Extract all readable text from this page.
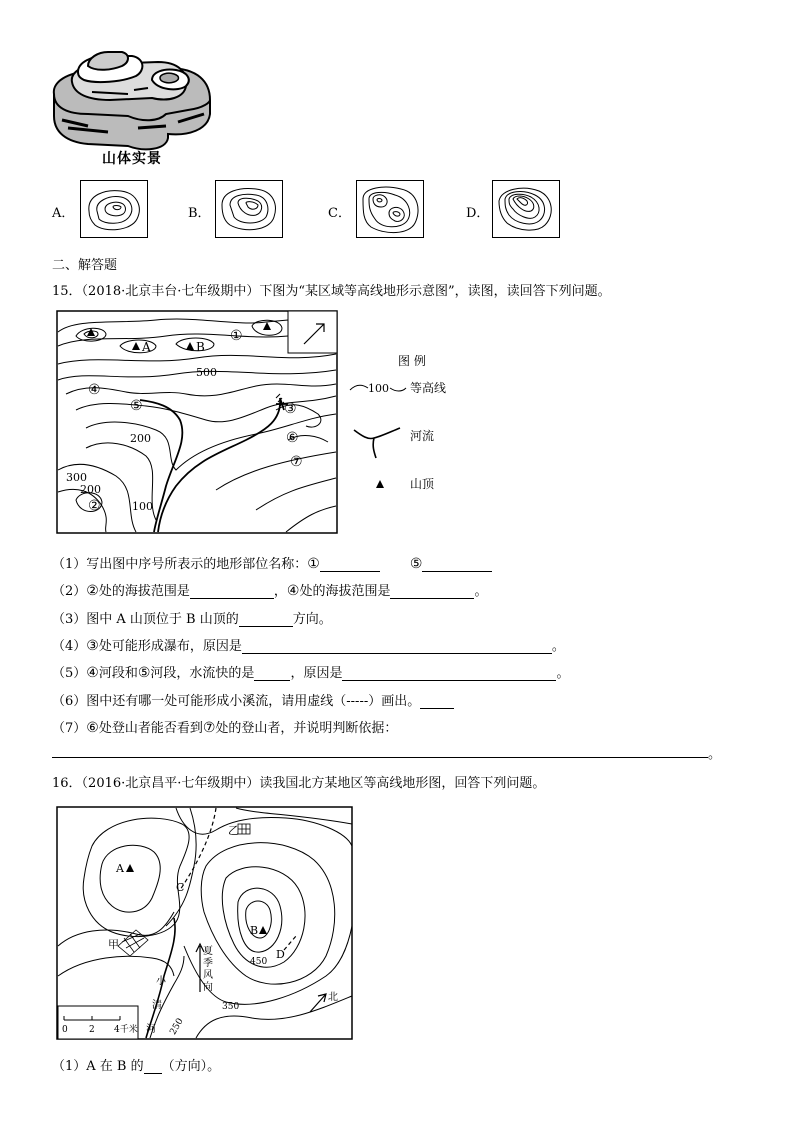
山体实景
A．	B．	C．	D．
二、解答题
15．（2018·北京丰台·七年级期中）下图为“某区域等高线地形示意图”，读图，读回答下列问题。
A	B
500
200
300
200
100
①
②
③
④
⑤
⑥
⑦
图 例
100 等高线
河流
山顶
（1）写出图中序号所表示的地形部位名称：①	⑤
（2）②处的海拔范围是	，④处的海拔范围是	。
（3）图中 A 山顶位于 B 山顶的	方向。
（4）③处可能形成瀑布，原因是	。
（5）④河段和⑤河段，水流快的是	，原因是	。
（6）图中还有哪一处可能形成小溪流，请用虚线（-----）画出。
（7）⑥处登山者能否看到⑦处的登山者，并说明判断依据：
。
16．（2016·北京昌平·七年级期中）读我国北方某地区等高线地形图，回答下列问题。
A
B
C
D
乙
甲
450
350
250
夏
季
风
向
小
清
河
北
0 2 4千米
（1）A 在 B 的 （方向）。
